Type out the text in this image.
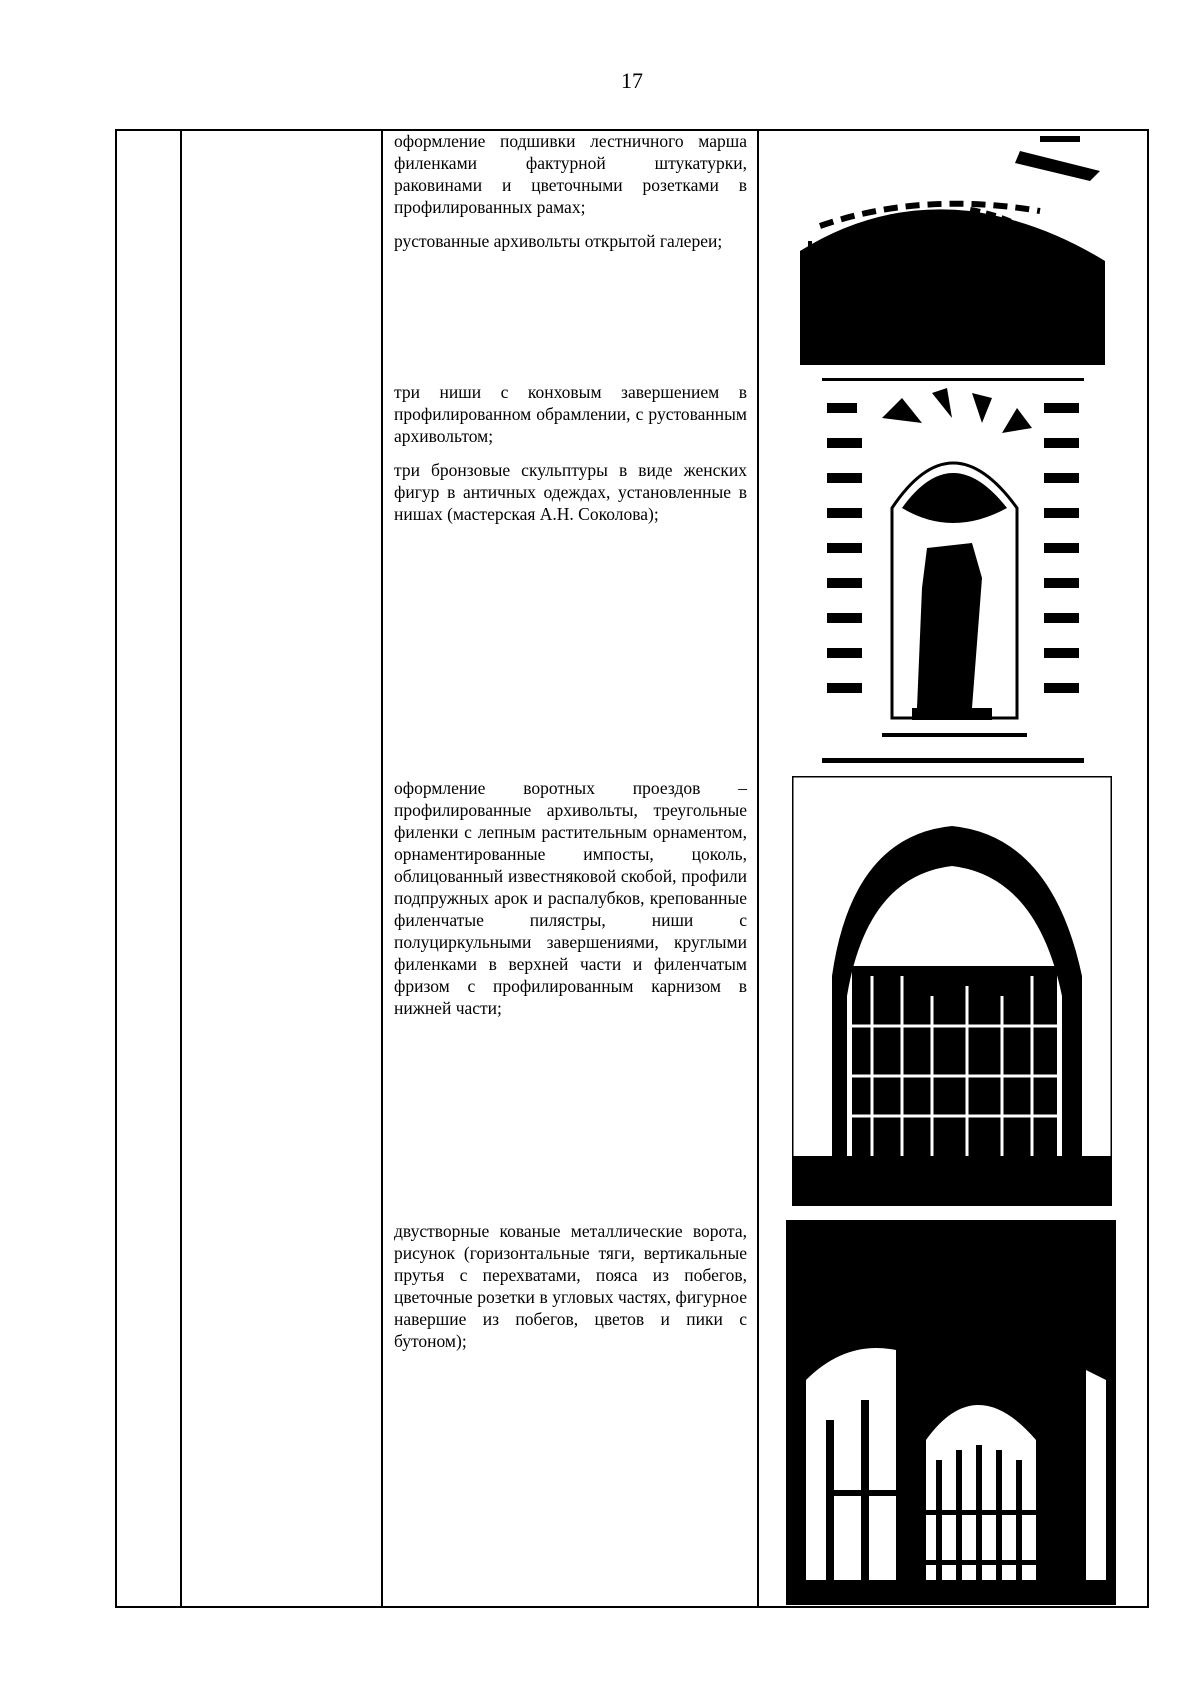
17
оформление подшивки лестничного марша филенками фактурной штукатурки, раковинами и цветочными розетками в профилированных рамах;
рустованные архивольты открытой галереи;
три ниши с конховым завершением в профилированном обрамлении, с рустованным архивольтом;
три бронзовые скульптуры в виде женских фигур в античных одеждах, установленные в нишах (мастерская А.Н. Соколова);
оформление воротных проездов – профилированные архивольты, треугольные филенки с лепным растительным орнаментом, орнаментированные импосты, цоколь, облицованный известняковой скобой, профили подпружных арок и распалубков, крепованные филенчатые пилястры, ниши с полуциркульными завершениями, круглыми филенками в верхней части и филенчатым фризом с профилированным карнизом в нижней части;
двустворные кованые металлические ворота, рисунок (горизонтальные тяги, вертикальные прутья с перехватами, пояса из побегов, цветочные розетки в угловых частях, фигурное навершие из побегов, цветов и пики с бутоном);
